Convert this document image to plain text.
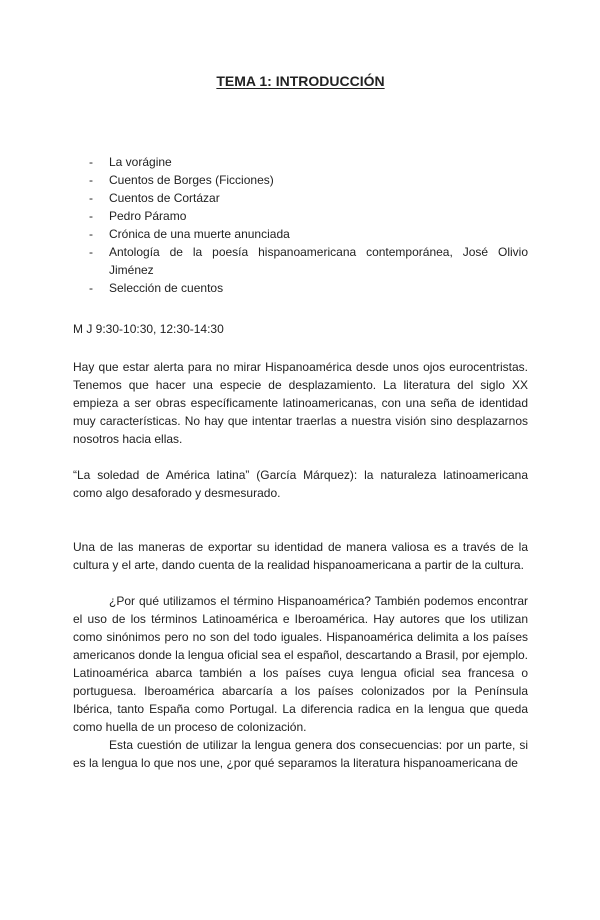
TEMA 1: INTRODUCCIÓN
- La vorágine
- Cuentos de Borges (Ficciones)
- Cuentos de Cortázar
- Pedro Páramo
- Crónica de una muerte anunciada
- Antología de la poesía hispanoamericana contemporánea, José Olivio Jiménez
- Selección de cuentos

M J 9:30-10:30, 12:30-14:30

Hay que estar alerta para no mirar Hispanoamérica desde unos ojos eurocentristas. Tenemos que hacer una especie de desplazamiento. La literatura del siglo XX empieza a ser obras específicamente latinoamericanas, con una seña de identidad muy características. No hay que intentar traerlas a nuestra visión sino desplazarnos nosotros hacia ellas.

“La soledad de América latina” (García Márquez): la naturaleza latinoamericana como algo desaforado y desmesurado.

Una de las maneras de exportar su identidad de manera valiosa es a través de la cultura y el arte, dando cuenta de la realidad hispanoamericana a partir de la cultura.

¿Por qué utilizamos el término Hispanoamérica? También podemos encontrar el uso de los términos Latinoamérica e Iberoamérica. Hay autores que los utilizan como sinónimos pero no son del todo iguales. Hispanoamérica delimita a los países americanos donde la lengua oficial sea el español, descartando a Brasil, por ejemplo. Latinoamérica abarca también a los países cuya lengua oficial sea francesa o portuguesa. Iberoamérica abarcaría a los países colonizados por la Península Ibérica, tanto España como Portugal. La diferencia radica en la lengua que queda como huella de un proceso de colonización.

Esta cuestión de utilizar la lengua genera dos consecuencias: por un parte, si es la lengua lo que nos une, ¿por qué separamos la literatura hispanoamericana de
